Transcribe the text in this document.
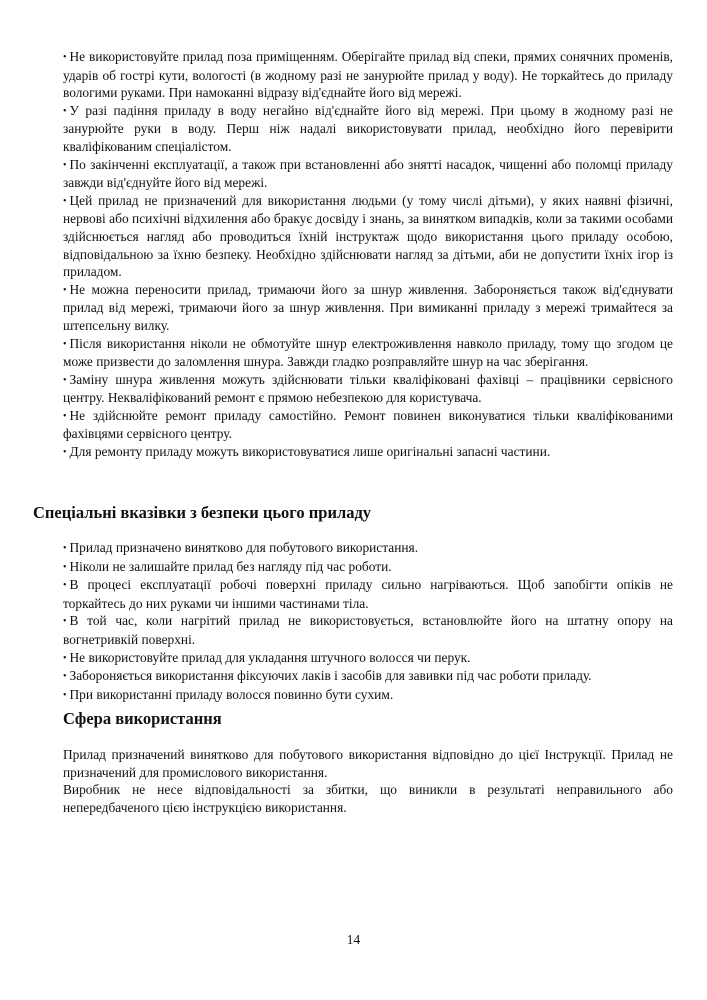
• Не використовуйте прилад поза приміщенням. Оберігайте прилад від спеки, прямих сонячних променів, ударів об гострі кути, вологості (в жодному разі не занурюйте прилад у воду). Не торкайтесь до приладу вологими руками. При намоканні відразу від'єднайте його від мережі.

• У разі падіння приладу в воду негайно від'єднайте його від мережі. При цьому в жодному разі не занурюйте руки в воду. Перш ніж надалі використовувати прилад, необхідно його перевірити кваліфікованим спеціалістом.

• По закінченні експлуатації, а також при встановленні або знятті насадок, чищенні або поломці приладу завжди від'єднуйте його від мережі.

• Цей прилад не призначений для використання людьми (у тому числі дітьми), у яких наявні фізичні, нервові або психічні відхилення або бракує досвіду і знань, за винятком випадків, коли за такими особами здійснюється нагляд або проводиться їхній інструктаж щодо використання цього приладу особою, відповідальною за їхню безпеку. Необхідно здійснювати нагляд за дітьми, аби не допустити їхніх ігор із приладом.

• Не можна переносити прилад, тримаючи його за шнур живлення. Забороняється також від'єднувати прилад від мережі, тримаючи його за шнур живлення. При вимиканні приладу з мережі тримайтеся за штепсельну вилку.

• Після використання ніколи не обмотуйте шнур електроживлення навколо приладу, тому що згодом це може призвести до заломлення шнура. Завжди гладко розправляйте шнур на час зберігання.

• Заміну шнура живлення можуть здійснювати тільки кваліфіковані фахівці – працівники сервісного центру. Некваліфікований ремонт є прямою небезпекою для користувача.

• Не здійснюйте ремонт приладу самостійно. Ремонт повинен виконуватися тільки кваліфікованими фахівцями сервісного центру.

• Для ремонту приладу можуть використовуватися лише оригінальні запасні частини.

Спеціальні вказівки з безпеки цього приладу

• Прилад призначено винятково для побутового використання.

• Ніколи не залишайте прилад без нагляду під час роботи.

• В процесі експлуатації робочі поверхні приладу сильно нагріваються. Щоб запобігти опіків не торкайтесь до них руками чи іншими частинами тіла.

• В той час, коли нагрітий прилад не використовується, встановлюйте його на штатну опору на вогнетривкій поверхні.

• Не використовуйте прилад для укладання штучного волосся чи перук.

• Забороняється використання фіксуючих лаків і засобів для завивки під час роботи приладу.

• При використанні приладу волосся повинно бути сухим.

Сфера використання

Прилад призначений винятково для побутового використання відповідно до цієї Інструкції. Прилад не призначений для промислового використання.

Виробник не несе відповідальності за збитки, що виникли в результаті неправильного або непередбаченого цією інструкцією використання.

14
